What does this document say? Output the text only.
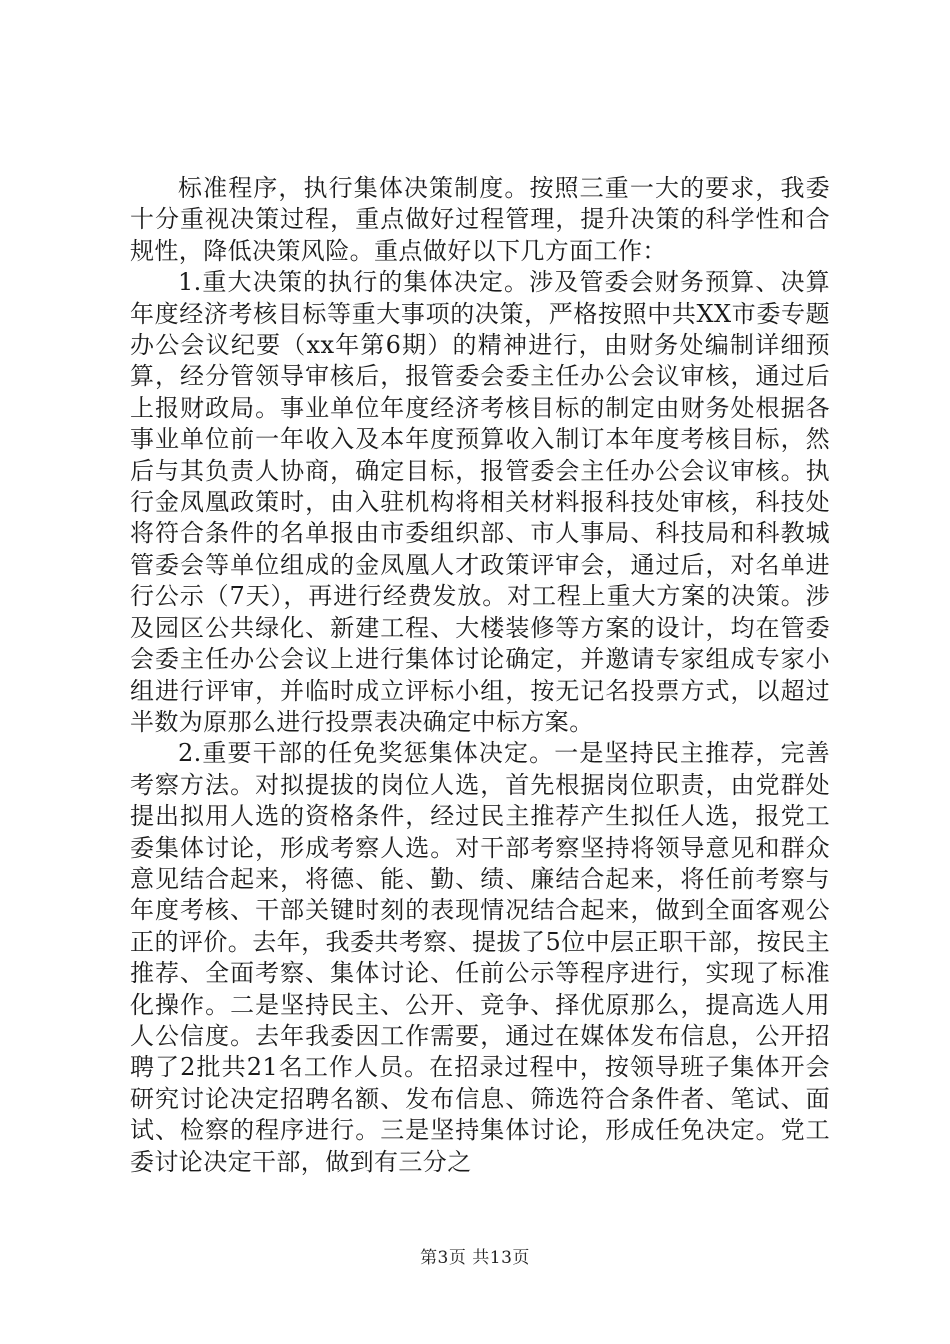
标准程序，执行集体决策制度。按照三重一大的要求，我委十分重视决策过程，重点做好过程管理，提升决策的科学性和合规性，降低决策风险。重点做好以下几方面工作：

1.重大决策的执行的集体决定。涉及管委会财务预算、决算年度经济考核目标等重大事项的决策，严格按照中共XX市委专题办公会议纪要（xx年第6期）的精神进行，由财务处编制详细预算，经分管领导审核后，报管委会委主任办公会议审核，通过后上报财政局。事业单位年度经济考核目标的制定由财务处根据各事业单位前一年收入及本年度预算收入制订本年度考核目标，然后与其负责人协商，确定目标，报管委会主任办公会议审核。执行金凤凰政策时，由入驻机构将相关材料报科技处审核，科技处将符合条件的名单报由市委组织部、市人事局、科技局和科教城管委会等单位组成的金凤凰人才政策评审会，通过后，对名单进行公示（7天），再进行经费发放。对工程上重大方案的决策。涉及园区公共绿化、新建工程、大楼装修等方案的设计，均在管委会委主任办公会议上进行集体讨论确定，并邀请专家组成专家小组进行评审，并临时成立评标小组，按无记名投票方式，以超过半数为原那么进行投票表决确定中标方案。

2.重要干部的任免奖惩集体决定。一是坚持民主推荐，完善考察方法。对拟提拔的岗位人选，首先根据岗位职责，由党群处提出拟用人选的资格条件，经过民主推荐产生拟任人选，报党工委集体讨论，形成考察人选。对干部考察坚持将领导意见和群众意见结合起来，将德、能、勤、绩、廉结合起来，将任前考察与年度考核、干部关键时刻的表现情况结合起来，做到全面客观公正的评价。去年，我委共考察、提拔了5位中层正职干部，按民主推荐、全面考察、集体讨论、任前公示等程序进行，实现了标准化操作。二是坚持民主、公开、竞争、择优原那么，提高选人用人公信度。去年我委因工作需要，通过在媒体发布信息，公开招聘了2批共21名工作人员。在招录过程中，按领导班子集体开会研究讨论决定招聘名额、发布信息、筛选符合条件者、笔试、面试、检察的程序进行。三是坚持集体讨论，形成任免决定。党工委讨论决定干部，做到有三分之

第3页 共13页
